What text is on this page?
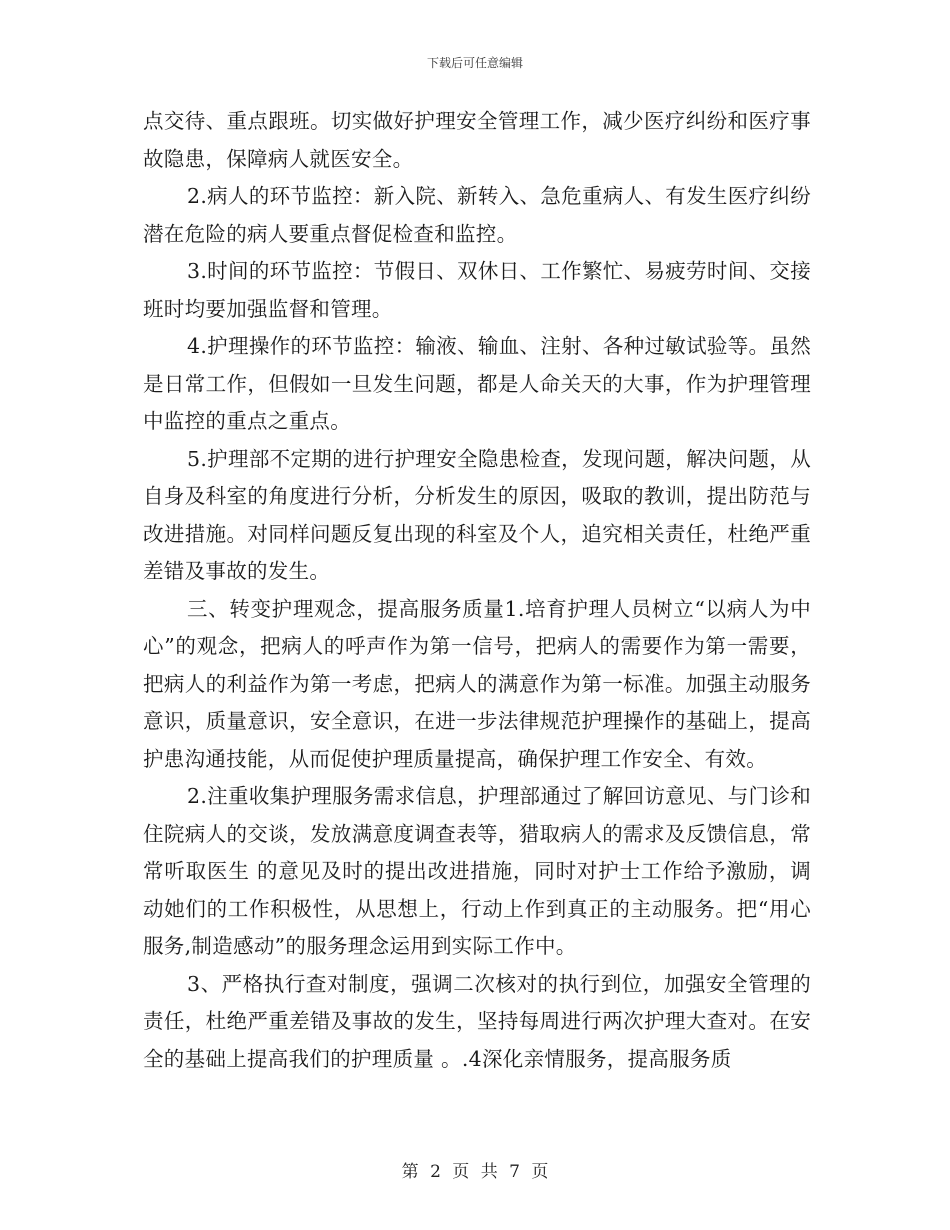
下载后可任意编辑

点交待、重点跟班。切实做好护理安全管理工作，减少医疗纠纷和医疗事故隐患，保障病人就医安全。

2.病人的环节监控：新入院、新转入、急危重病人、有发生医疗纠纷潜在危险的病人要重点督促检查和监控。

3.时间的环节监控：节假日、双休日、工作繁忙、易疲劳时间、交接班时均要加强监督和管理。

4.护理操作的环节监控：输液、输血、注射、各种过敏试验等。虽然是日常工作，但假如一旦发生问题，都是人命关天的大事，作为护理管理中监控的重点之重点。

5.护理部不定期的进行护理安全隐患检查，发现问题，解决问题，从自身及科室的角度进行分析，分析发生的原因，吸取的教训，提出防范与改进措施。对同样问题反复出现的科室及个人，追究相关责任，杜绝严重差错及事故的发生。

三、转变护理观念，提高服务质量1.培育护理人员树立“以病人为中心”的观念，把病人的呼声作为第一信号，把病人的需要作为第一需要，把病人的利益作为第一考虑，把病人的满意作为第一标准。加强主动服务意识，质量意识，安全意识，在进一步法律规范护理操作的基础上，提高护患沟通技能，从而促使护理质量提高，确保护理工作安全、有效。

2.注重收集护理服务需求信息，护理部通过了解回访意见、与门诊和住院病人的交谈，发放满意度调查表等，猎取病人的需求及反馈信息，常常听取医生 的意见及时的提出改进措施，同时对护士工作给予激励，调动她们的工作积极性，从思想上，行动上作到真正的主动服务。把“用心服务,制造感动”的服务理念运用到实际工作中。

3、严格执行查对制度，强调二次核对的执行到位，加强安全管理的责任，杜绝严重差错及事故的发生，坚持每周进行两次护理大查对。在安全的基础上提高我们的护理质量 。.4深化亲情服务，提高服务质

第 2 页 共 7 页
